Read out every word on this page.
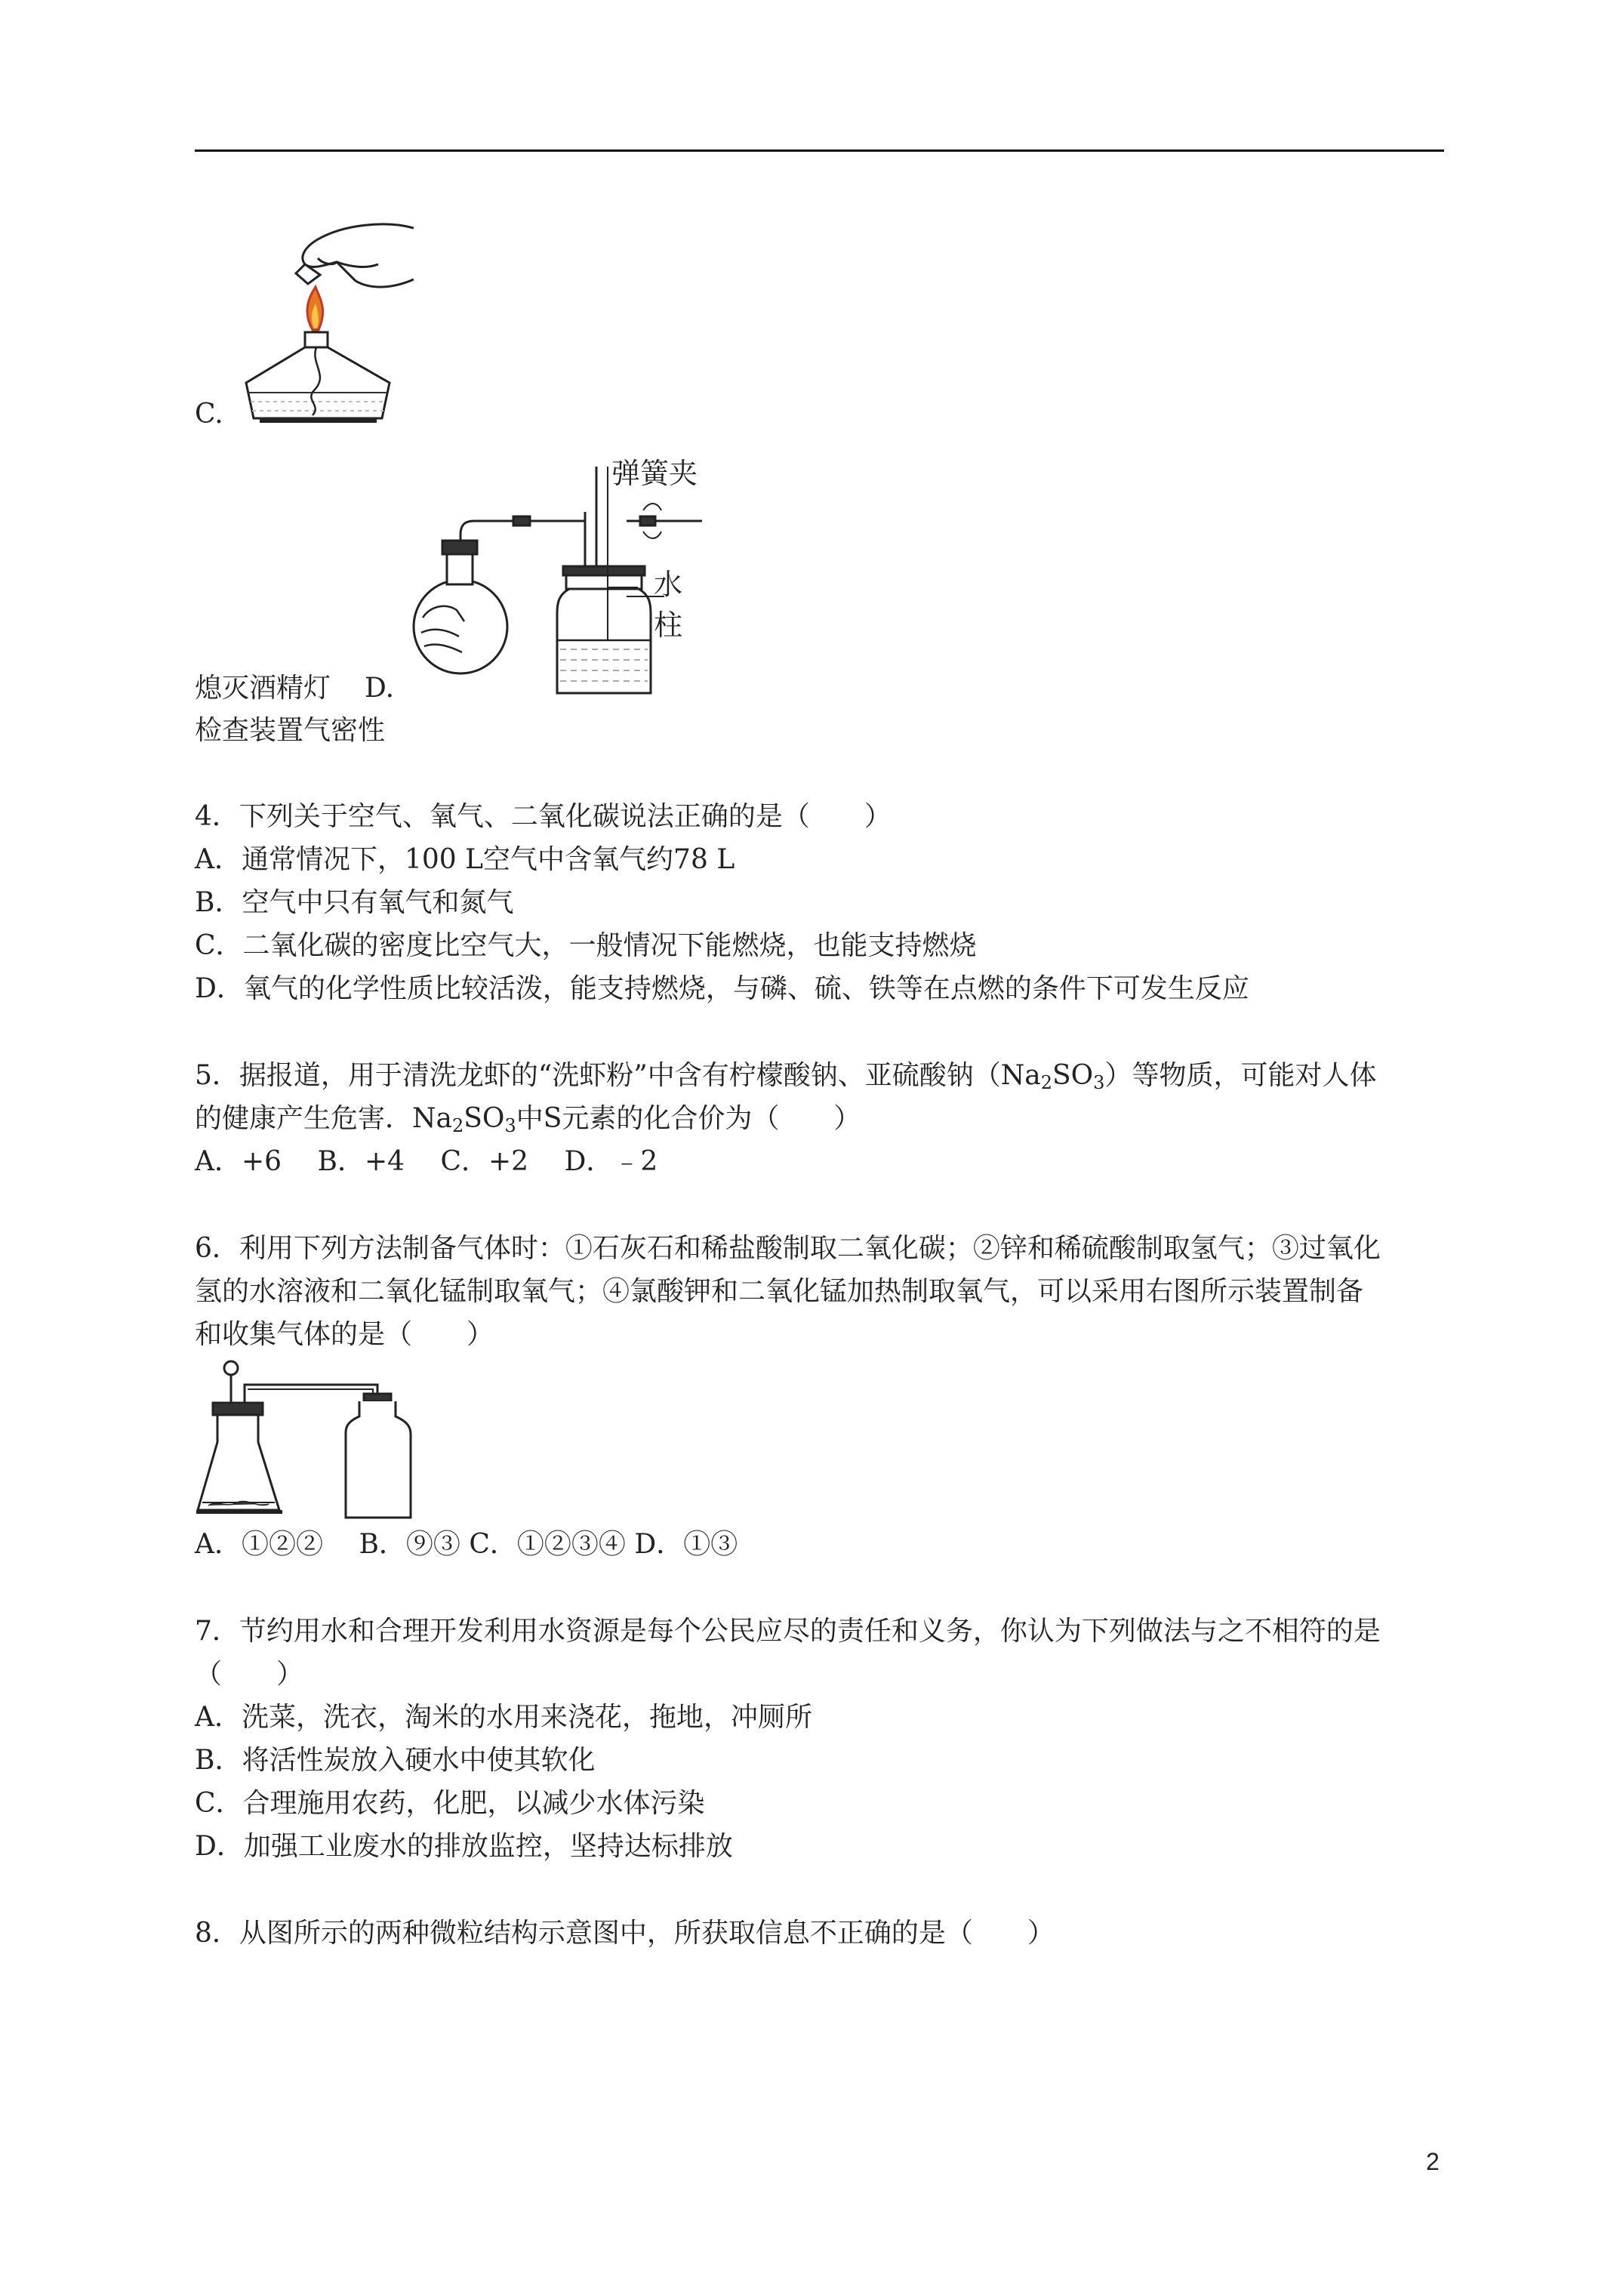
C.
弹簧夹
水
柱
熄灭酒精灯 D.
检查装置气密性
4．下列关于空气、氧气、二氧化碳说法正确的是（　　）
A．通常情况下，100 L空气中含氧气约78 L
B．空气中只有氧气和氮气
C．二氧化碳的密度比空气大，一般情况下能燃烧，也能支持燃烧
D．氧气的化学性质比较活泼，能支持燃烧，与磷、硫、铁等在点燃的条件下可发生反应
5．据报道，用于清洗龙虾的“洗虾粉”中含有柠檬酸钠、亚硫酸钠$(Na_2SO_3)$等物质，可能对人体
的健康产生危害．$Na_2SO_3$中S元素的化合价为（　　）
A．+6　 B．+4　 C．+2　 D．﹣2
6．利用下列方法制备气体时：①石灰石和稀盐酸制取二氧化碳；②锌和稀硫酸制取氢气；③过氧化
氢的水溶液和二氧化锰制取氧气；④氯酸钾和二氧化锰加热制取氧气，可以采用右图所示装置制备
和收集气体的是（　　）
A．①②②　 B．⑨③ C．①②③④ D．①③
7．节约用水和合理开发利用水资源是每个公民应尽的责任和义务，你认为下列做法与之不相符的是
（　　）
A．洗菜，洗衣，淘米的水用来浇花，拖地，冲厕所
B．将活性炭放入硬水中使其软化
C．合理施用农药，化肥，以减少水体污染
D．加强工业废水的排放监控，坚持达标排放
8．从图所示的两种微粒结构示意图中，所获取信息不正确的是（　　）
2
